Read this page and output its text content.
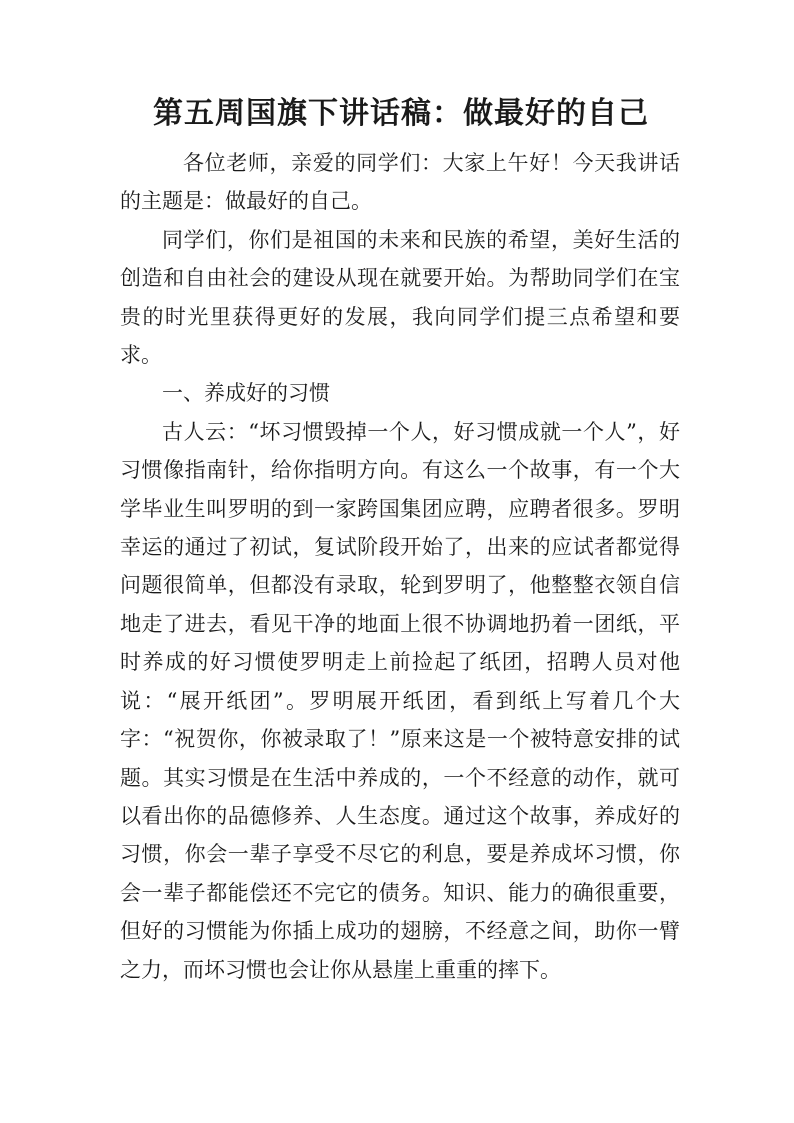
第五周国旗下讲话稿：做最好的自己

各位老师，亲爱的同学们：大家上午好！今天我讲话的主题是：做最好的自己。

同学们，你们是祖国的未来和民族的希望，美好生活的创造和自由社会的建设从现在就要开始。为帮助同学们在宝贵的时光里获得更好的发展，我向同学们提三点希望和要求。

一、养成好的习惯

古人云：“坏习惯毁掉一个人，好习惯成就一个人”，好习惯像指南针，给你指明方向。有这么一个故事，有一个大学毕业生叫罗明的到一家跨国集团应聘，应聘者很多。罗明幸运的通过了初试，复试阶段开始了，出来的应试者都觉得问题很简单，但都没有录取，轮到罗明了，他整整衣领自信地走了进去，看见干净的地面上很不协调地扔着一团纸，平时养成的好习惯使罗明走上前捡起了纸团，招聘人员对他说：“展开纸团”。罗明展开纸团，看到纸上写着几个大字：“祝贺你，你被录取了！”原来这是一个被特意安排的试题。其实习惯是在生活中养成的，一个不经意的动作，就可以看出你的品德修养、人生态度。通过这个故事，养成好的习惯，你会一辈子享受不尽它的利息，要是养成坏习惯，你会一辈子都能偿还不完它的债务。知识、能力的确很重要，但好的习惯能为你插上成功的翅膀，不经意之间，助你一臂之力，而坏习惯也会让你从悬崖上重重的摔下。
